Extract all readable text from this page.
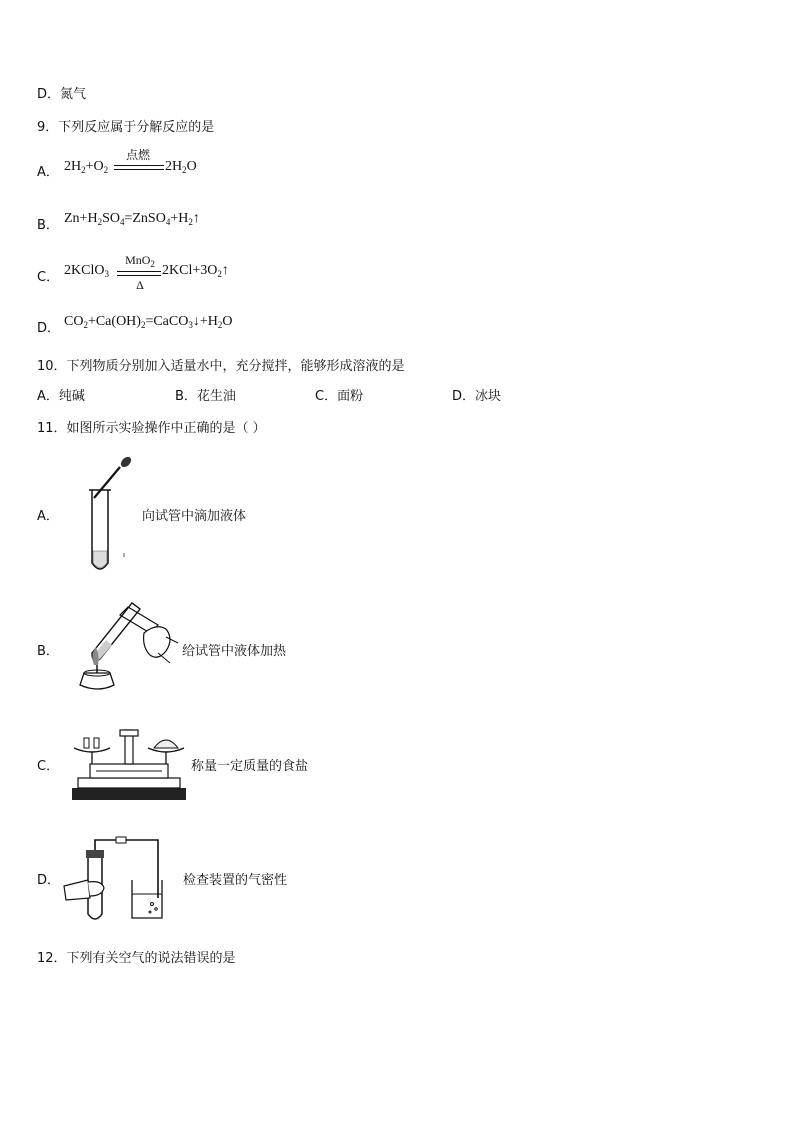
D．氮气
9．下列反应属于分解反应的是
A． $2H_2+O_2$
点燃
$2H_2O$
B． $Zn+H_2SO_4=ZnSO_4+H_2↑$
C． 2KClO$_3$
MnO$_2$
Δ
$2KCl+3O_2↑$
D． $CO_2+Ca(OH)_2=CaCO_3↓+H_2O$
10．下列物质分别加入适量水中，充分搅拌，能够形成溶液的是
A．纯碱	B．花生油	C．面粉	D．冰块
11．如图所示实验操作中正确的是（ ）
A．	向试管中滴加液体
B．	给试管中液体加热
C．	称量一定质量的食盐
D．	检查装置的气密性
12．下列有关空气的说法错误的是
